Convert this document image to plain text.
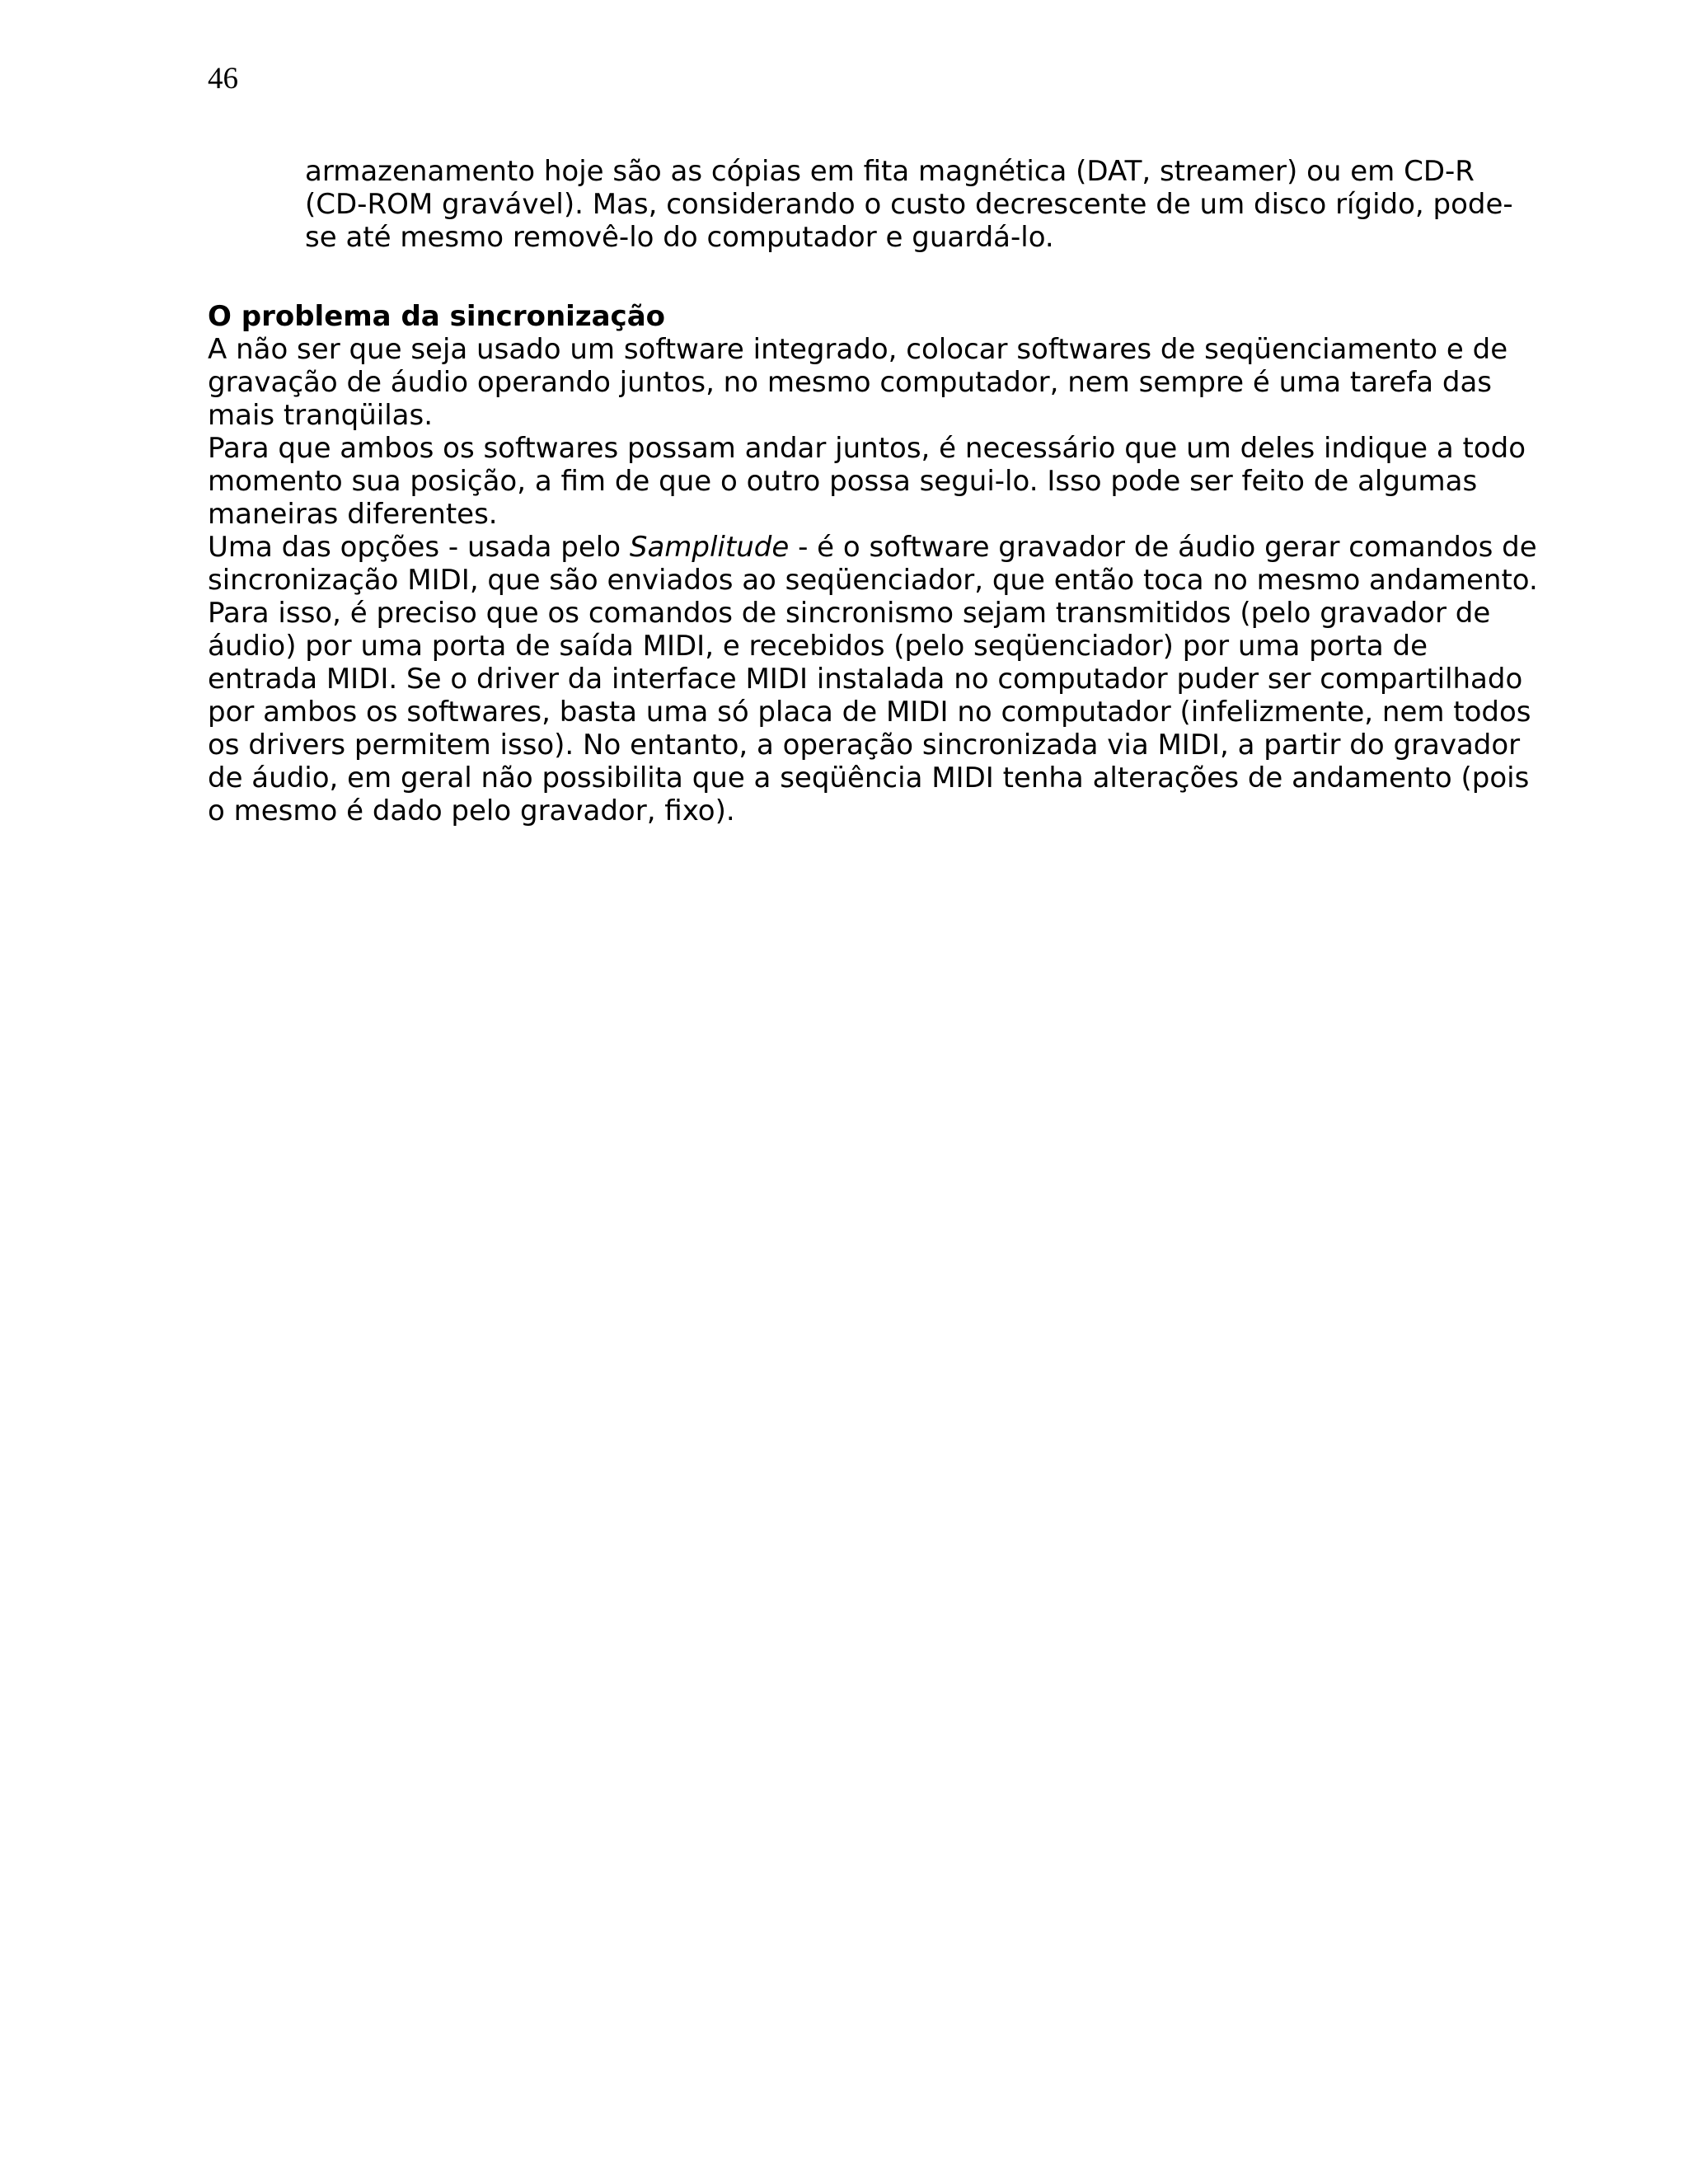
46
armazenamento hoje são as cópias em fita magnética (DAT, streamer) ou em CD-R
(CD-ROM gravável). Mas, considerando o custo decrescente de um disco rígido, pode-
se até mesmo removê-lo do computador e guardá-lo.
O problema da sincronização
A não ser que seja usado um software integrado, colocar softwares de seqüenciamento e de
gravação de áudio operando juntos, no mesmo computador, nem sempre é uma tarefa das
mais tranqüilas.
Para que ambos os softwares possam andar juntos, é necessário que um deles indique a todo
momento sua posição, a fim de que o outro possa segui-lo. Isso pode ser feito de algumas
maneiras diferentes.
Uma das opções - usada pelo Samplitude - é o software gravador de áudio gerar comandos de
sincronização MIDI, que são enviados ao seqüenciador, que então toca no mesmo andamento.
Para isso, é preciso que os comandos de sincronismo sejam transmitidos (pelo gravador de
áudio) por uma porta de saída MIDI, e recebidos (pelo seqüenciador) por uma porta de
entrada MIDI. Se o driver da interface MIDI instalada no computador puder ser compartilhado
por ambos os softwares, basta uma só placa de MIDI no computador (infelizmente, nem todos
os drivers permitem isso). No entanto, a operação sincronizada via MIDI, a partir do gravador
de áudio, em geral não possibilita que a seqüência MIDI tenha alterações de andamento (pois
o mesmo é dado pelo gravador, fixo).
